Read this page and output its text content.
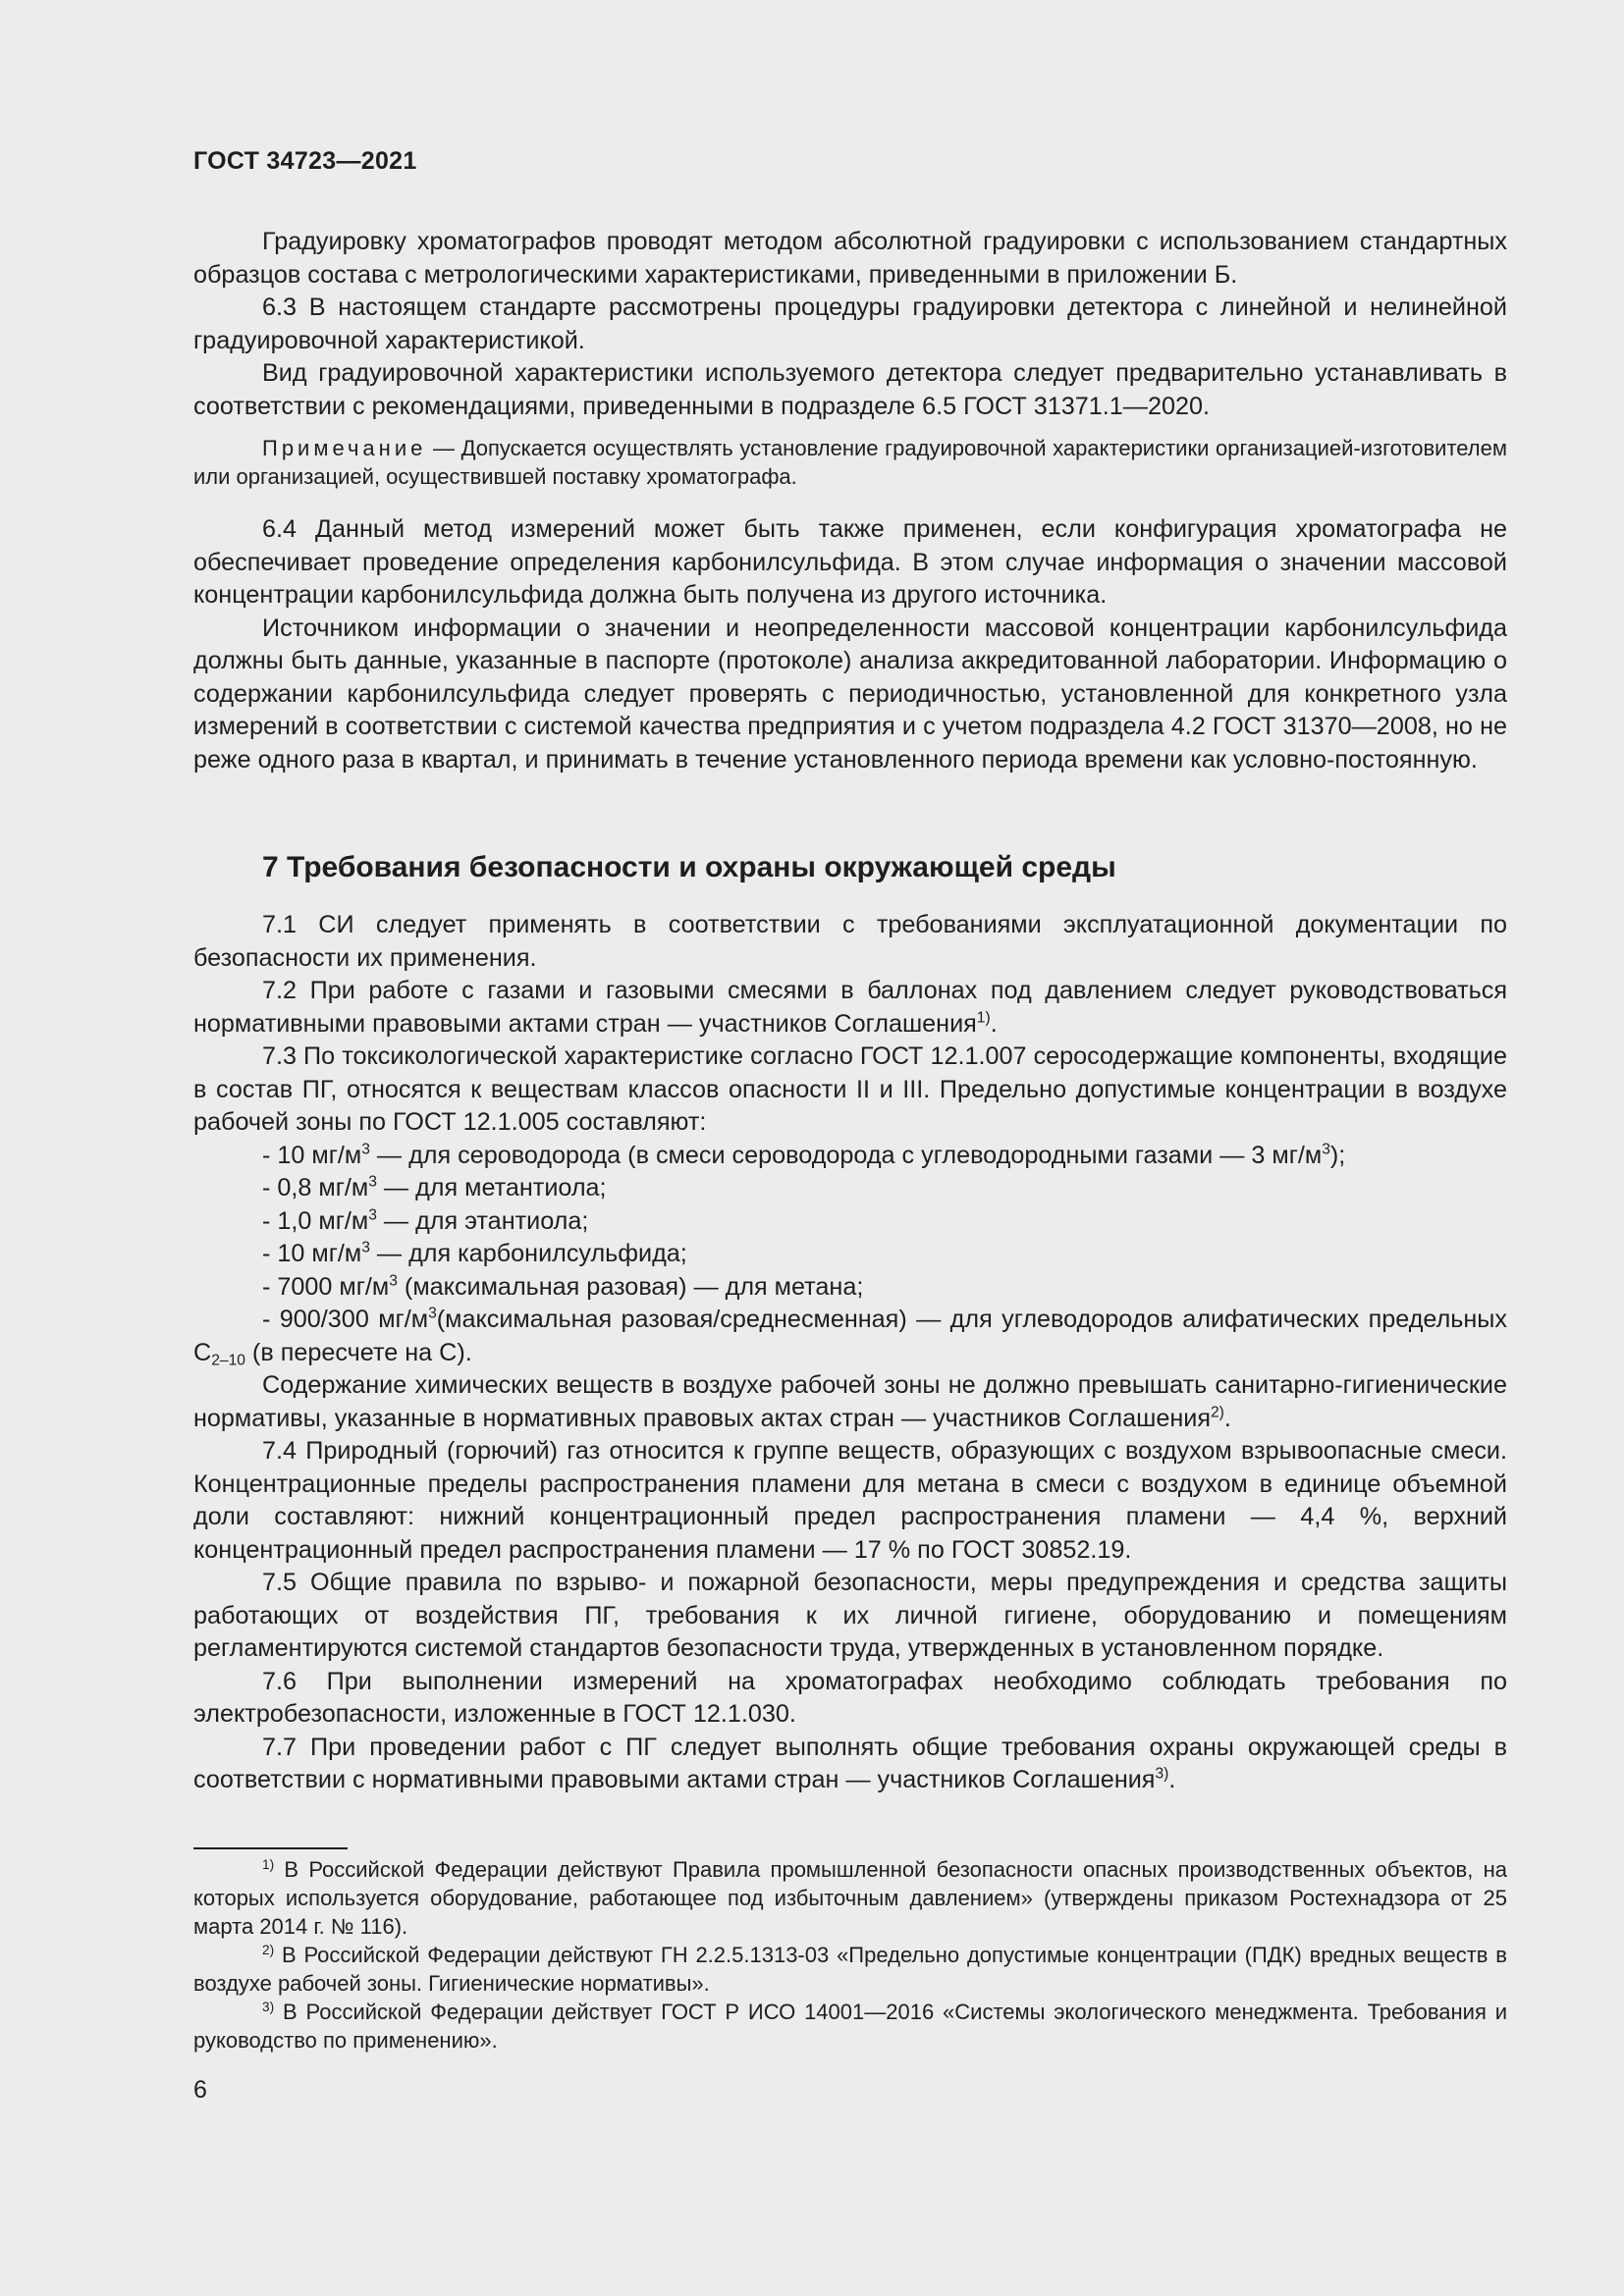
ГОСТ 34723—2021

Градуировку хроматографов проводят методом абсолютной градуировки с использованием стандартных образцов состава с метрологическими характеристиками, приведенными в приложении Б.

6.3 В настоящем стандарте рассмотрены процедуры градуировки детектора с линейной и нелинейной градуировочной характеристикой.

Вид градуировочной характеристики используемого детектора следует предварительно устанавливать в соответствии с рекомендациями, приведенными в подразделе 6.5 ГОСТ 31371.1—2020.

Примечание — Допускается осуществлять установление градуировочной характеристики организацией-изготовителем или организацией, осуществившей поставку хроматографа.

6.4 Данный метод измерений может быть также применен, если конфигурация хроматографа не обеспечивает проведение определения карбонилсульфида. В этом случае информация о значении массовой концентрации карбонилсульфида должна быть получена из другого источника.

Источником информации о значении и неопределенности массовой концентрации карбонилсульфида должны быть данные, указанные в паспорте (протоколе) анализа аккредитованной лаборатории. Информацию о содержании карбонилсульфида следует проверять с периодичностью, установленной для конкретного узла измерений в соответствии с системой качества предприятия и с учетом подраздела 4.2 ГОСТ 31370—2008, но не реже одного раза в квартал, и принимать в течение установленного периода времени как условно-постоянную.

7 Требования безопасности и охраны окружающей среды

7.1 СИ следует применять в соответствии с требованиями эксплуатационной документации по безопасности их применения.

7.2 При работе с газами и газовыми смесями в баллонах под давлением следует руководствоваться нормативными правовыми актами стран — участников Соглашения$^{1)}$.

7.3 По токсикологической характеристике согласно ГОСТ 12.1.007 серосодержащие компоненты, входящие в состав ПГ, относятся к веществам классов опасности II и III. Предельно допустимые концентрации в воздухе рабочей зоны по ГОСТ 12.1.005 составляют:

- 10 $мг/м^3$ — для сероводорода (в смеси сероводорода с углеводородными газами — 3 $мг/м^3$);

- 0,8 $мг/м^3$ — для метантиола;

- 1,0 $мг/м^3$ — для этантиола;

- 10 $мг/м^3$ — для карбонилсульфида;

- 7000 $мг/м^3$ (максимальная разовая) — для метана;

- 900/300 $мг/м^3(максимальная$ разовая/среднесменная) — для углеводородов алифатических предельных $C_{2-10}$ (в пересчете на С).

Содержание химических веществ в воздухе рабочей зоны не должно превышать санитарно-гигиенические нормативы, указанные в нормативных правовых актах стран — участников Соглашения$^{2)}$.

7.4 Природный (горючий) газ относится к группе веществ, образующих с воздухом взрывоопасные смеси. Концентрационные пределы распространения пламени для метана в смеси с воздухом в единице объемной доли составляют: нижний концентрационный предел распространения пламени — 4,4 %, верхний концентрационный предел распространения пламени — 17 % по ГОСТ 30852.19.

7.5 Общие правила по взрыво- и пожарной безопасности, меры предупреждения и средства защиты работающих от воздействия ПГ, требования к их личной гигиене, оборудованию и помещениям регламентируются системой стандартов безопасности труда, утвержденных в установленном порядке.

7.6 При выполнении измерений на хроматографах необходимо соблюдать требования по электробезопасности, изложенные в ГОСТ 12.1.030.

7.7 При проведении работ с ПГ следует выполнять общие требования охраны окружающей среды в соответствии с нормативными правовыми актами стран — участников Соглашения$^{3)}$.

$^{1)}$ В Российской Федерации действуют Правила промышленной безопасности опасных производственных объектов, на которых используется оборудование, работающее под избыточным давлением» (утверждены приказом Ростехнадзора от 25 марта 2014 г. № 116).

$^{2)}$ В Российской Федерации действуют ГН 2.2.5.1313-03 «Предельно допустимые концентрации (ПДК) вредных веществ в воздухе рабочей зоны. Гигиенические нормативы».

$^{3)}$ В Российской Федерации действует ГОСТ Р ИСО 14001—2016 «Системы экологического менеджмента. Требования и руководство по применению».

6
